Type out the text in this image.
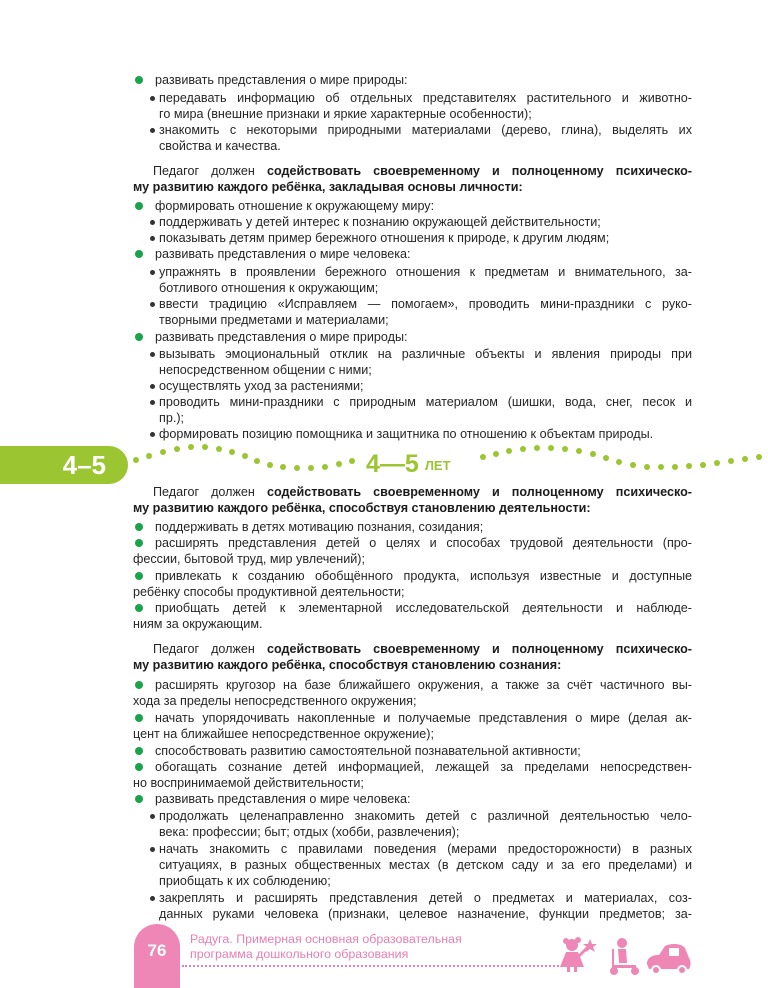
развивать представления о мире природы:
передавать информацию об отдельных представителях растительного и животно-
го мира (внешние признаки и яркие характерные особенности);
знакомить с некоторыми природными материалами (дерево, глина), выделять их
свойства и качества.
Педагог должен содействовать своевременному и полноценному психическо-
му развитию каждого ребёнка, закладывая основы личности:
формировать отношение к окружающему миру:
поддерживать у детей интерес к познанию окружающей действительности;
показывать детям пример бережного отношения к природе, к другим людям;
развивать представления о мире человека:
упражнять в проявлении бережного отношения к предметам и внимательного, за-
ботливого отношения к окружающим;
ввести традицию «Исправляем — помогаем», проводить мини-праздники с руко-
творными предметами и материалами;
развивать представления о мире природы:
вызывать эмоциональный отклик на различные объекты и явления природы при
непосредственном общении с ними;
осуществлять уход за растениями;
проводить мини-праздники с природным материалом (шишки, вода, снег, песок и
пр.);
формировать позицию помощника и защитника по отношению к объектам природы.
Педагог должен содействовать своевременному и полноценному психическо-
му развитию каждого ребёнка, способствуя становлению деятельности:
поддерживать в детях мотивацию познания, созидания;
расширять представления детей о целях и способах трудовой деятельности (про-
фессии, бытовой труд, мир увлечений);
привлекать к созданию обобщённого продукта, используя известные и доступные
ребёнку способы продуктивной деятельности;
приобщать детей к элементарной исследовательской деятельности и наблюде-
ниям за окружающим.
Педагог должен содействовать своевременному и полноценному психическо-
му развитию каждого ребёнка, способствуя становлению сознания:
расширять кругозор на базе ближайшего окружения, а также за счёт частичного вы-
хода за пределы непосредственного окружения;
начать упорядочивать накопленные и получаемые представления о мире (делая ак-
цент на ближайшее непосредственное окружение);
способствовать развитию самостоятельной познавательной активности;
обогащать сознание детей информацией, лежащей за пределами непосредствен-
но воспринимаемой действительности;
развивать представления о мире человека:
продолжать целенаправленно знакомить детей с различной деятельностью чело-
века: профессии; быт; отдых (хобби, развлечения);
начать знакомить с правилами поведения (мерами предосторожности) в разных
ситуациях, в разных общественных местах (в детском саду и за его пределами) и
приобщать к их соблюдению;
закреплять и расширять представления детей о предметах и материалах, соз-
данных руками человека (признаки, целевое назначение, функции предметов; за-
4–5	4—5 ЛЕТ
76
Радуга. Примерная основная образовательная
программа дошкольного образования
